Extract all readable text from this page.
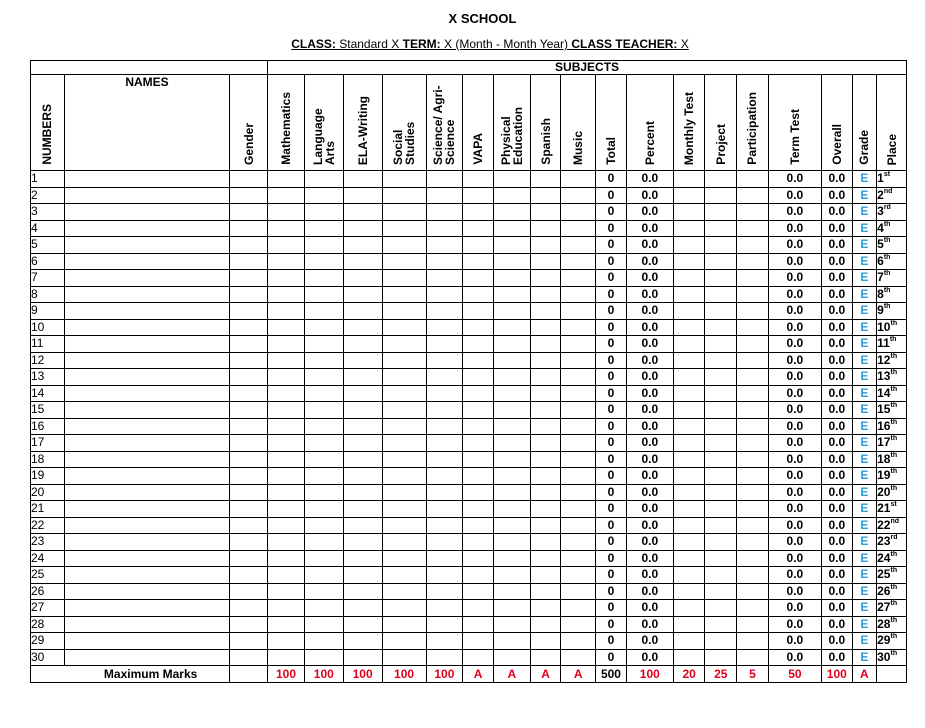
X SCHOOL
CLASS: Standard X TERM: X (Month - Month Year) CLASS TEACHER: X
			SUBJECTS																	
NUMBERS	NAMES	Gender	Mathematics	Language Arts	ELA-Writing	Social Studies	Science/ Agri-Science	VAPA	Physical Education	Spanish	Music	Total	Percent	Monthly Test	Project	Participation	Term Test	Overall	Grade	Place
1												0	0.0				0.0	0.0	E	1st
2												0	0.0				0.0	0.0	E	2nd
3												0	0.0				0.0	0.0	E	3rd
4												0	0.0				0.0	0.0	E	4th
5												0	0.0				0.0	0.0	E	5th
6												0	0.0				0.0	0.0	E	6th
7												0	0.0				0.0	0.0	E	7th
8												0	0.0				0.0	0.0	E	8th
9												0	0.0				0.0	0.0	E	9th
10												0	0.0				0.0	0.0	E	10th
11												0	0.0				0.0	0.0	E	11th
12												0	0.0				0.0	0.0	E	12th
13												0	0.0				0.0	0.0	E	13th
14												0	0.0				0.0	0.0	E	14th
15												0	0.0				0.0	0.0	E	15th
16												0	0.0				0.0	0.0	E	16th
17												0	0.0				0.0	0.0	E	17th
18												0	0.0				0.0	0.0	E	18th
19												0	0.0				0.0	0.0	E	19th
20												0	0.0				0.0	0.0	E	20th
21												0	0.0				0.0	0.0	E	21st
22												0	0.0				0.0	0.0	E	22nd
23												0	0.0				0.0	0.0	E	23rd
24												0	0.0				0.0	0.0	E	24th
25												0	0.0				0.0	0.0	E	25th
26												0	0.0				0.0	0.0	E	26th
27												0	0.0				0.0	0.0	E	27th
28												0	0.0				0.0	0.0	E	28th
29												0	0.0				0.0	0.0	E	29th
30												0	0.0				0.0	0.0	E	30th
Maximum Marks			100	100	100	100	100	A	A	A	A	500	100	20	25	5	50	100	A	
